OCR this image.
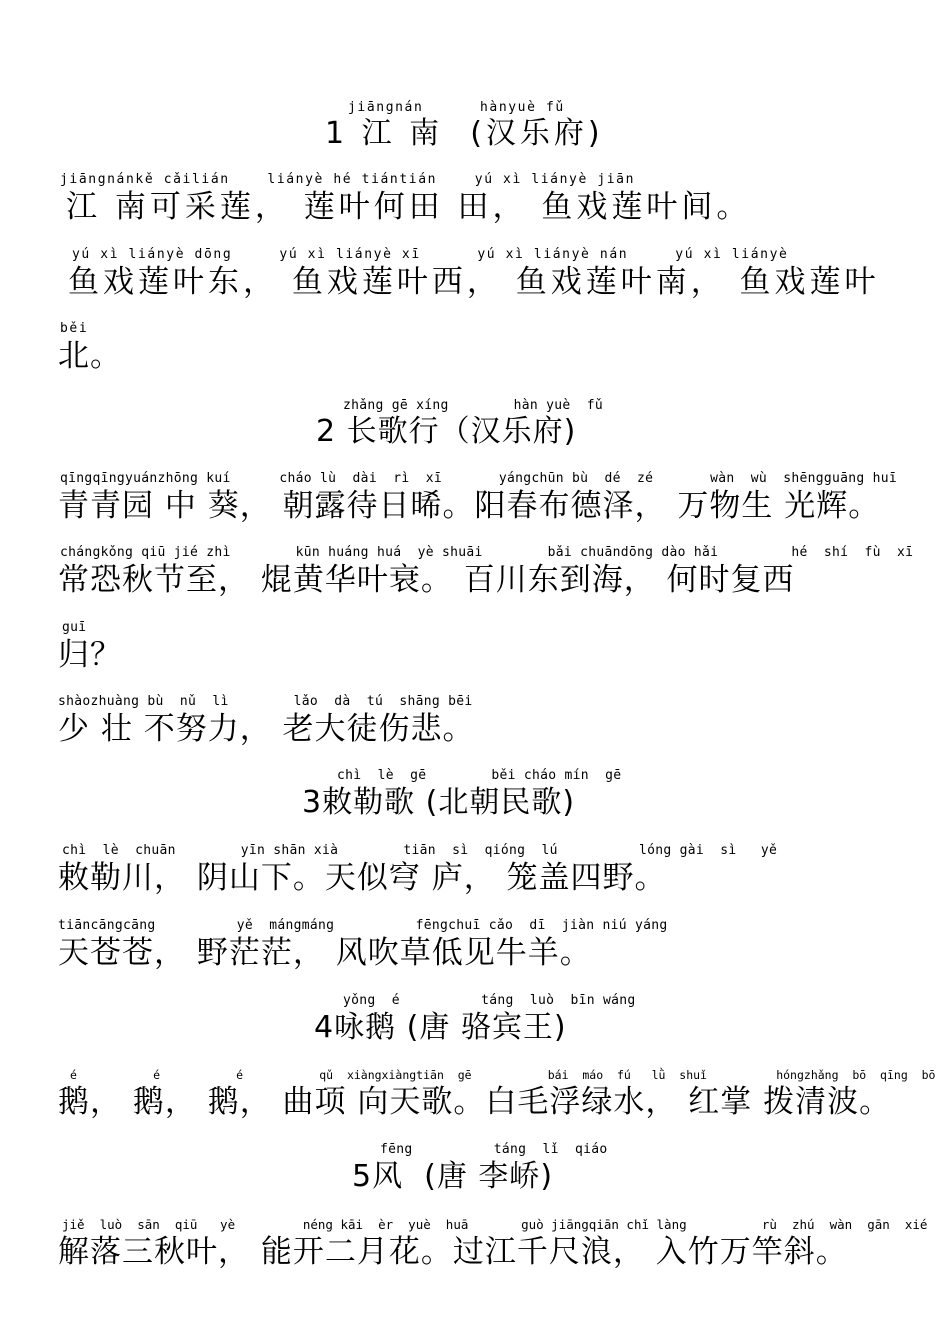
jiāngnán      hànyuè fǔ
1 江 南  (汉乐府)
jiāngnánkě cǎilián    liányè hé tiántián    yú xì liányè jiān
江 南可采莲， 莲叶何田 田， 鱼戏莲叶间。
yú xì liányè dōng     yú xì liányè xī      yú xì liányè nán     yú xì liányè
鱼戏莲叶东， 鱼戏莲叶西， 鱼戏莲叶南， 鱼戏莲叶
běi
北。
zhǎng gē xíng        hàn yuè  fǔ
2 长歌行（汉乐府)
qīngqīngyuánzhōng kuí      cháo lù  dài  rì  xī       yángchūn bù  dé  zé       wàn  wù  shēngguāng huī
青青园 中 葵， 朝露待日晞。阳春布德泽， 万物生 光辉。
chángkǒng qiū jié zhì        kūn huáng huá  yè shuāi        bǎi chuāndōng dào hǎi         hé  shí  fù  xī
常恐秋节至， 焜黄华叶衰。 百川东到海， 何时复西
guī
归？
shàozhuàng bù  nǔ  lì        lǎo  dà  tú  shāng bēi
少 壮 不努力， 老大徒伤悲。
chì  lè  gē        běi cháo mín  gē
3敕勒歌 (北朝民歌)
chì  lè  chuān        yīn shān xià        tiān  sì  qióng  lú          lóng gài  sì   yě
敕勒川， 阴山下。天似穹 庐， 笼盖四野。
tiāncāngcāng          yě  mángmáng          fēngchuī cǎo  dī  jiàn niú yáng
天苍苍， 野茫茫， 风吹草低见牛羊。
yǒng  é          táng  luò  bīn wáng
4咏鹅 (唐 骆宾王)
é           é           é           qǔ  xiàngxiàngtiān  gē           bái  máo  fú   lǜ  shuǐ          hóngzhǎng  bō  qīng  bō
鹅， 鹅， 鹅， 曲项 向天歌。白毛浮绿水， 红掌 拨清波。
fēng          táng  lǐ  qiáo
5风  (唐 李峤)
jiě  luò  sān  qiū   yè         néng kāi  èr  yuè  huā       guò jiāngqiān chǐ làng          rù  zhú  wàn  gān  xié
解落三秋叶， 能开二月花。过江千尺浪， 入竹万竿斜。
